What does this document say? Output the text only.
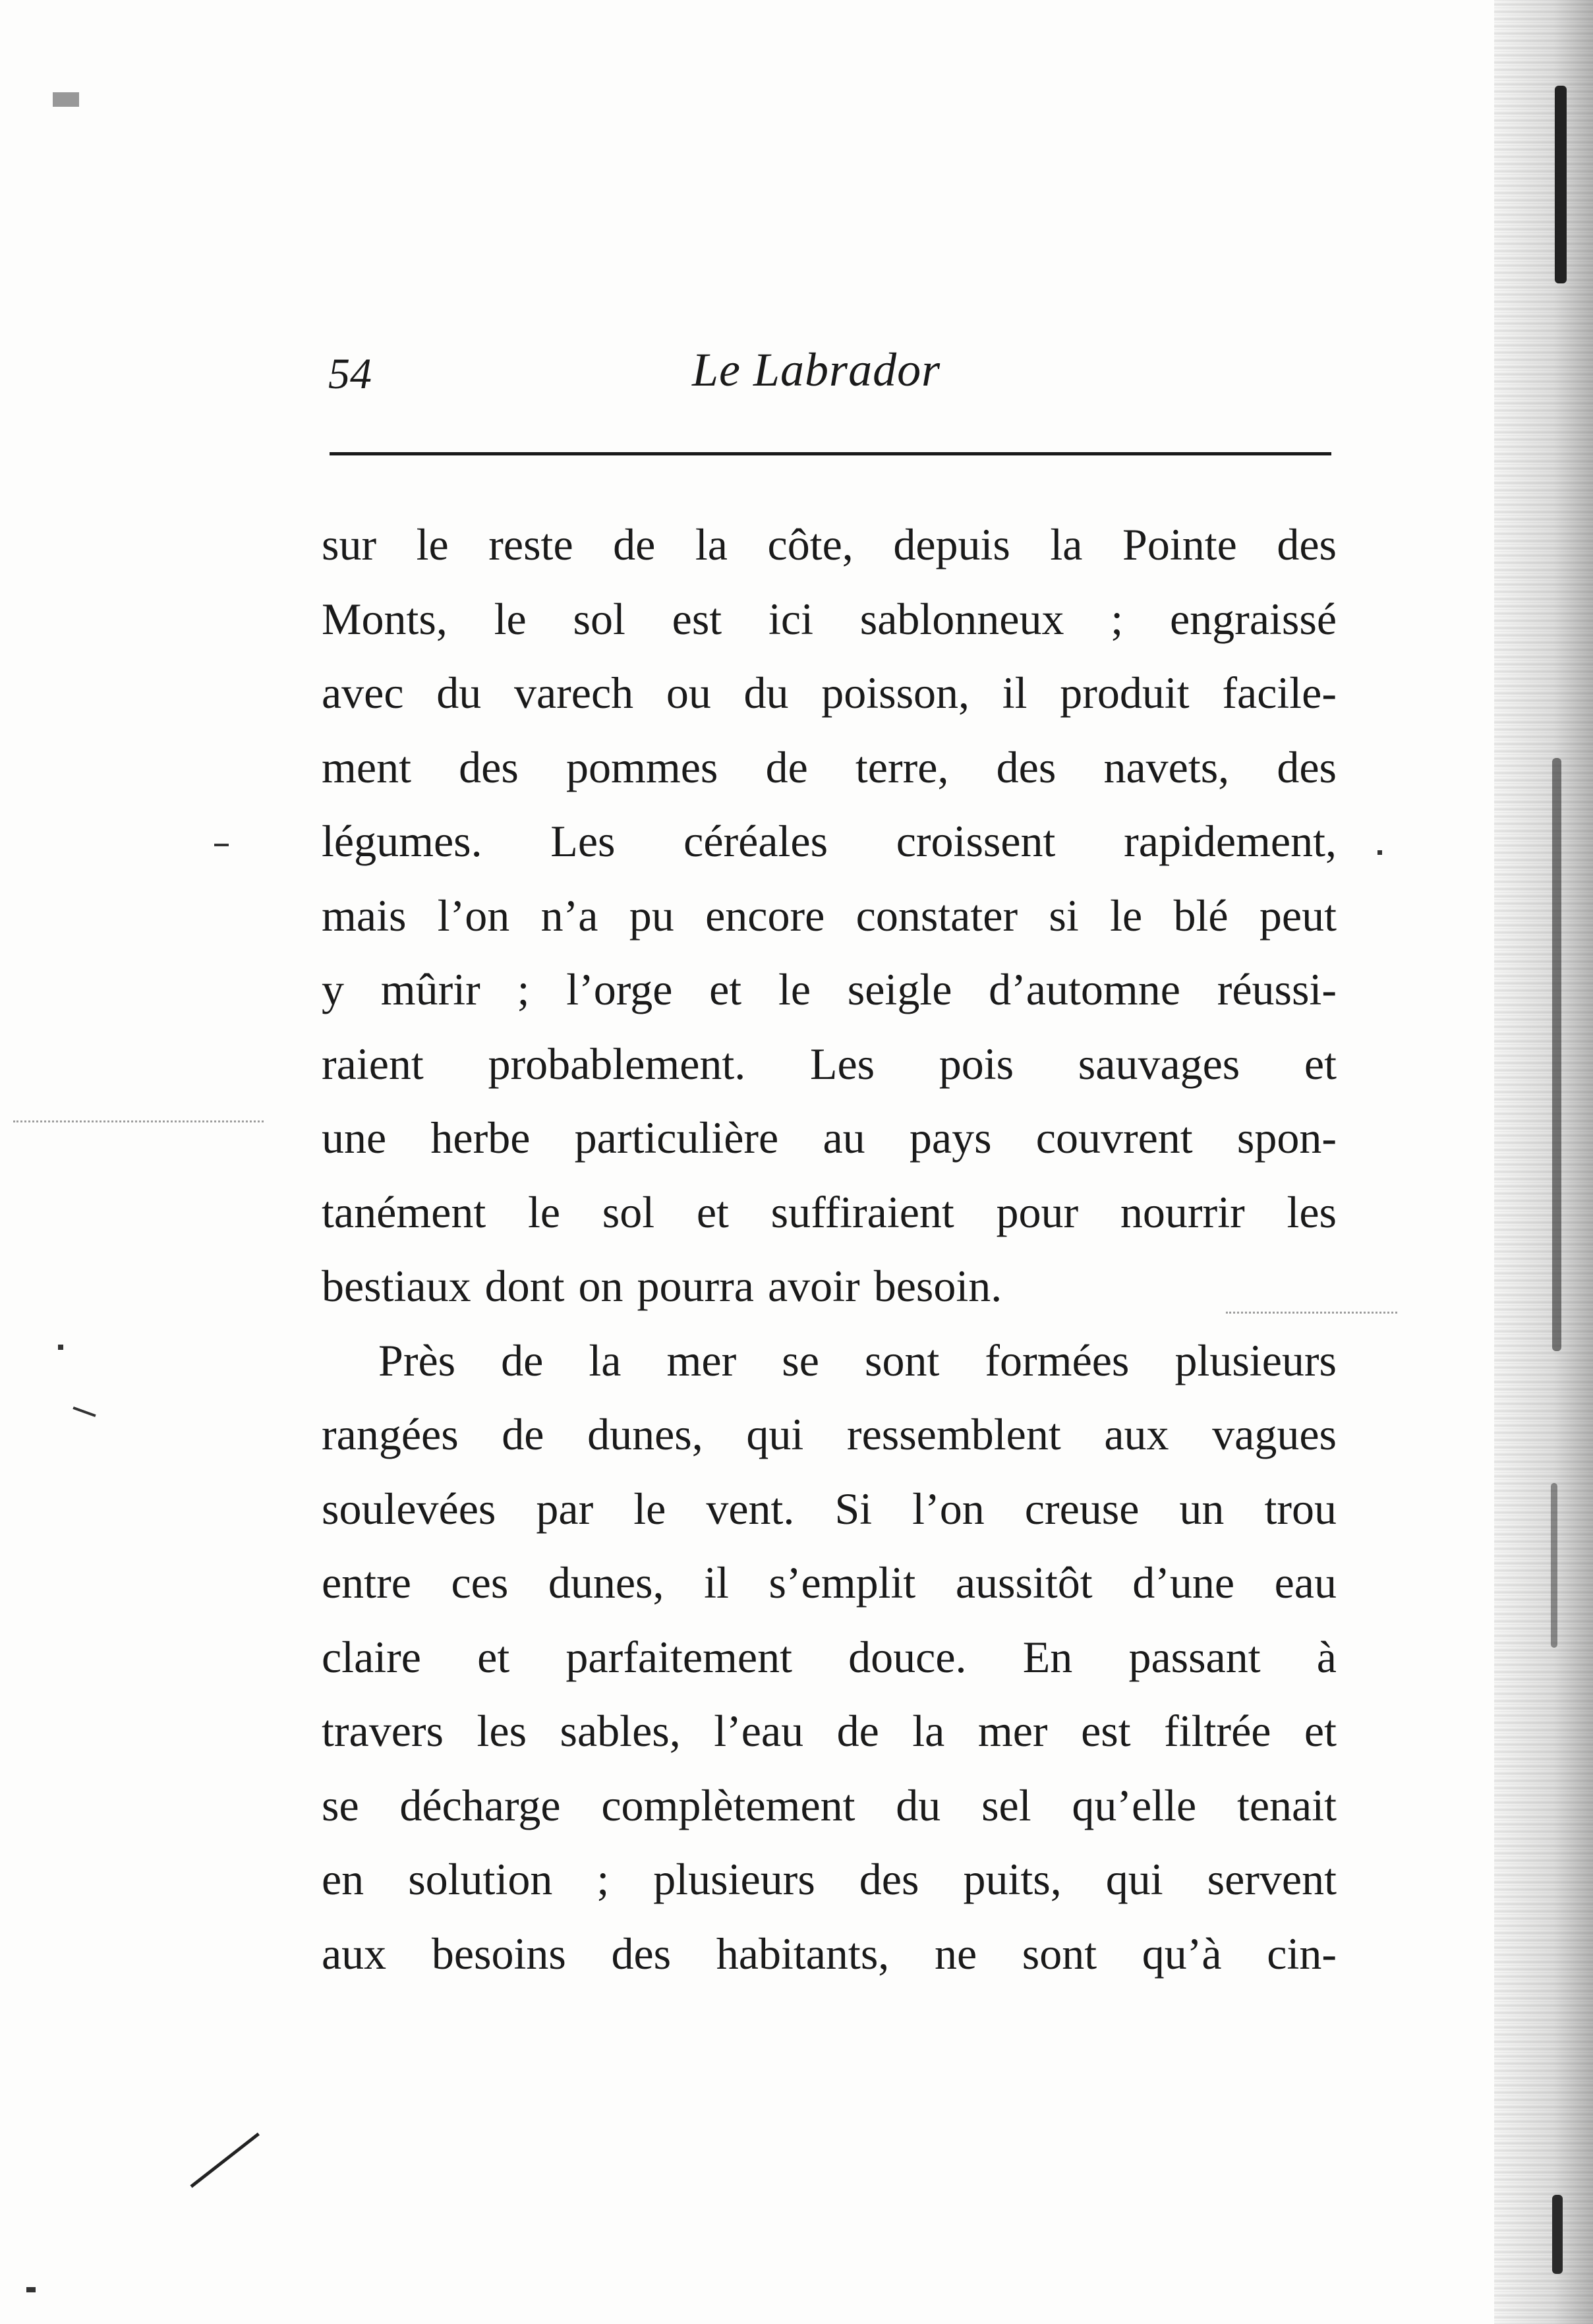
54	Le Labrador
sur le reste de la côte, depuis la Pointe des
Monts, le sol est ici sablonneux ; engraissé
avec du varech ou du poisson, il produit facile-
ment des pommes de terre, des navets, des
légumes. Les céréales croissent rapidement,
mais l’on n’a pu encore constater si le blé peut
y mûrir ; l’orge et le seigle d’automne réussi-
raient probablement. Les pois sauvages et
une herbe particulière au pays couvrent spon-
tanément le sol et suffiraient pour nourrir les
bestiaux dont on pourra avoir besoin.
Près de la mer se sont formées plusieurs
rangées de dunes, qui ressemblent aux vagues
soulevées par le vent. Si l’on creuse un trou
entre ces dunes, il s’emplit aussitôt d’une eau
claire et parfaitement douce. En passant à
travers les sables, l’eau de la mer est filtrée et
se décharge complètement du sel qu’elle tenait
en solution ; plusieurs des puits, qui servent
aux besoins des habitants, ne sont qu’à cin-
